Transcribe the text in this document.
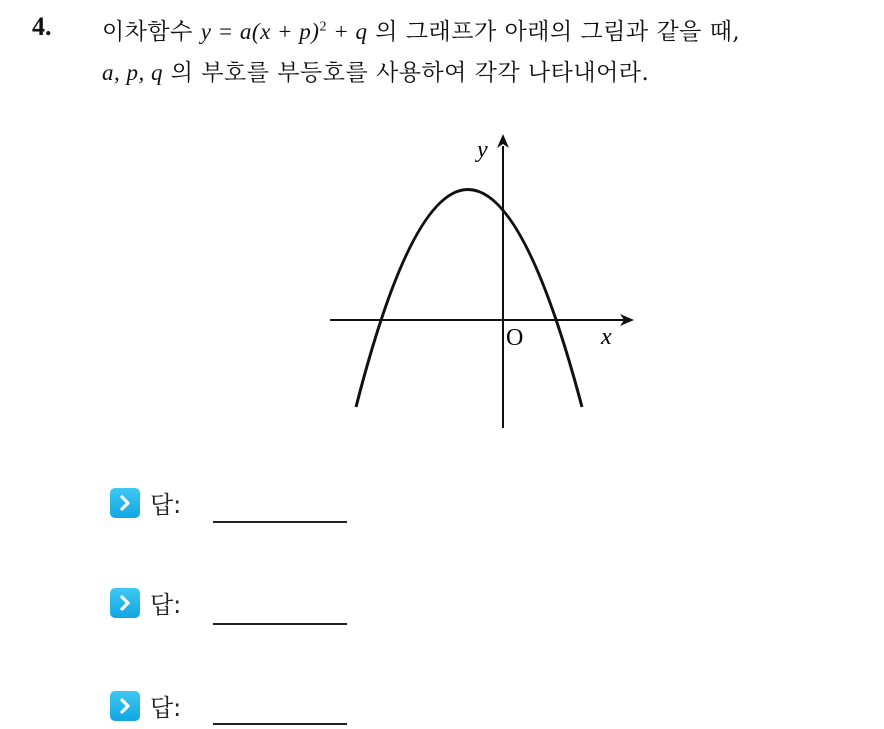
4. 이차함수 $y = a(x + p)^2 + q$ 의 그래프가 아래의 그림과 같을 때,
a, p, q 의 부호를 부등호를 사용하여 각각 나타내어라.
y
x
O
답:
답:
답:
